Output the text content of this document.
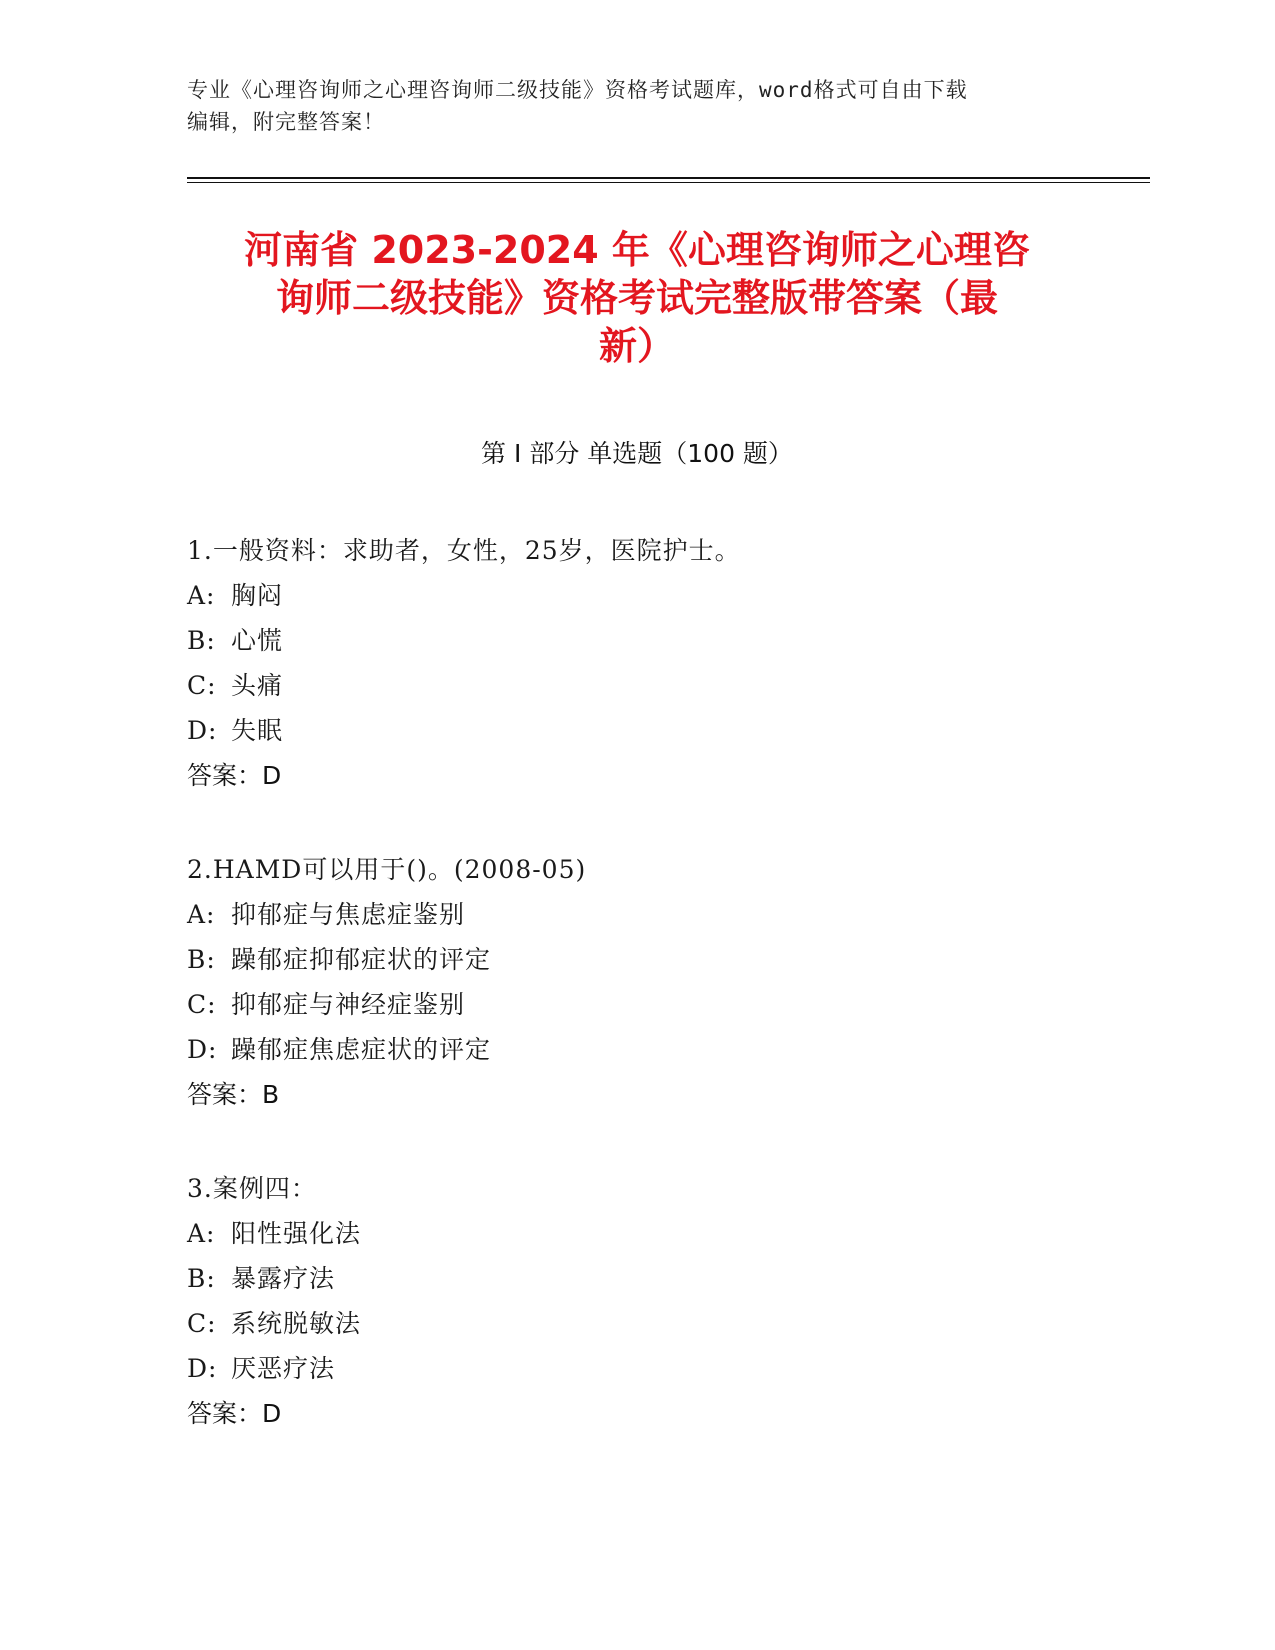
专业《心理咨询师之心理咨询师二级技能》资格考试题库，word格式可自由下载
编辑，附完整答案！
河南省 2023-2024 年《心理咨询师之心理咨
询师二级技能》资格考试完整版带答案（最
新）
第 I 部分 单选题（100 题）
1.一般资料：求助者，女性，25岁，医院护士。
A: 胸闷
B: 心慌
C: 头痛
D: 失眠
答案：D
2.HAMD可以用于()。(2008-05)
A: 抑郁症与焦虑症鉴别
B: 躁郁症抑郁症状的评定
C: 抑郁症与神经症鉴别
D: 躁郁症焦虑症状的评定
答案：B
3.案例四：
A: 阳性强化法
B: 暴露疗法
C: 系统脱敏法
D: 厌恶疗法
答案：D
